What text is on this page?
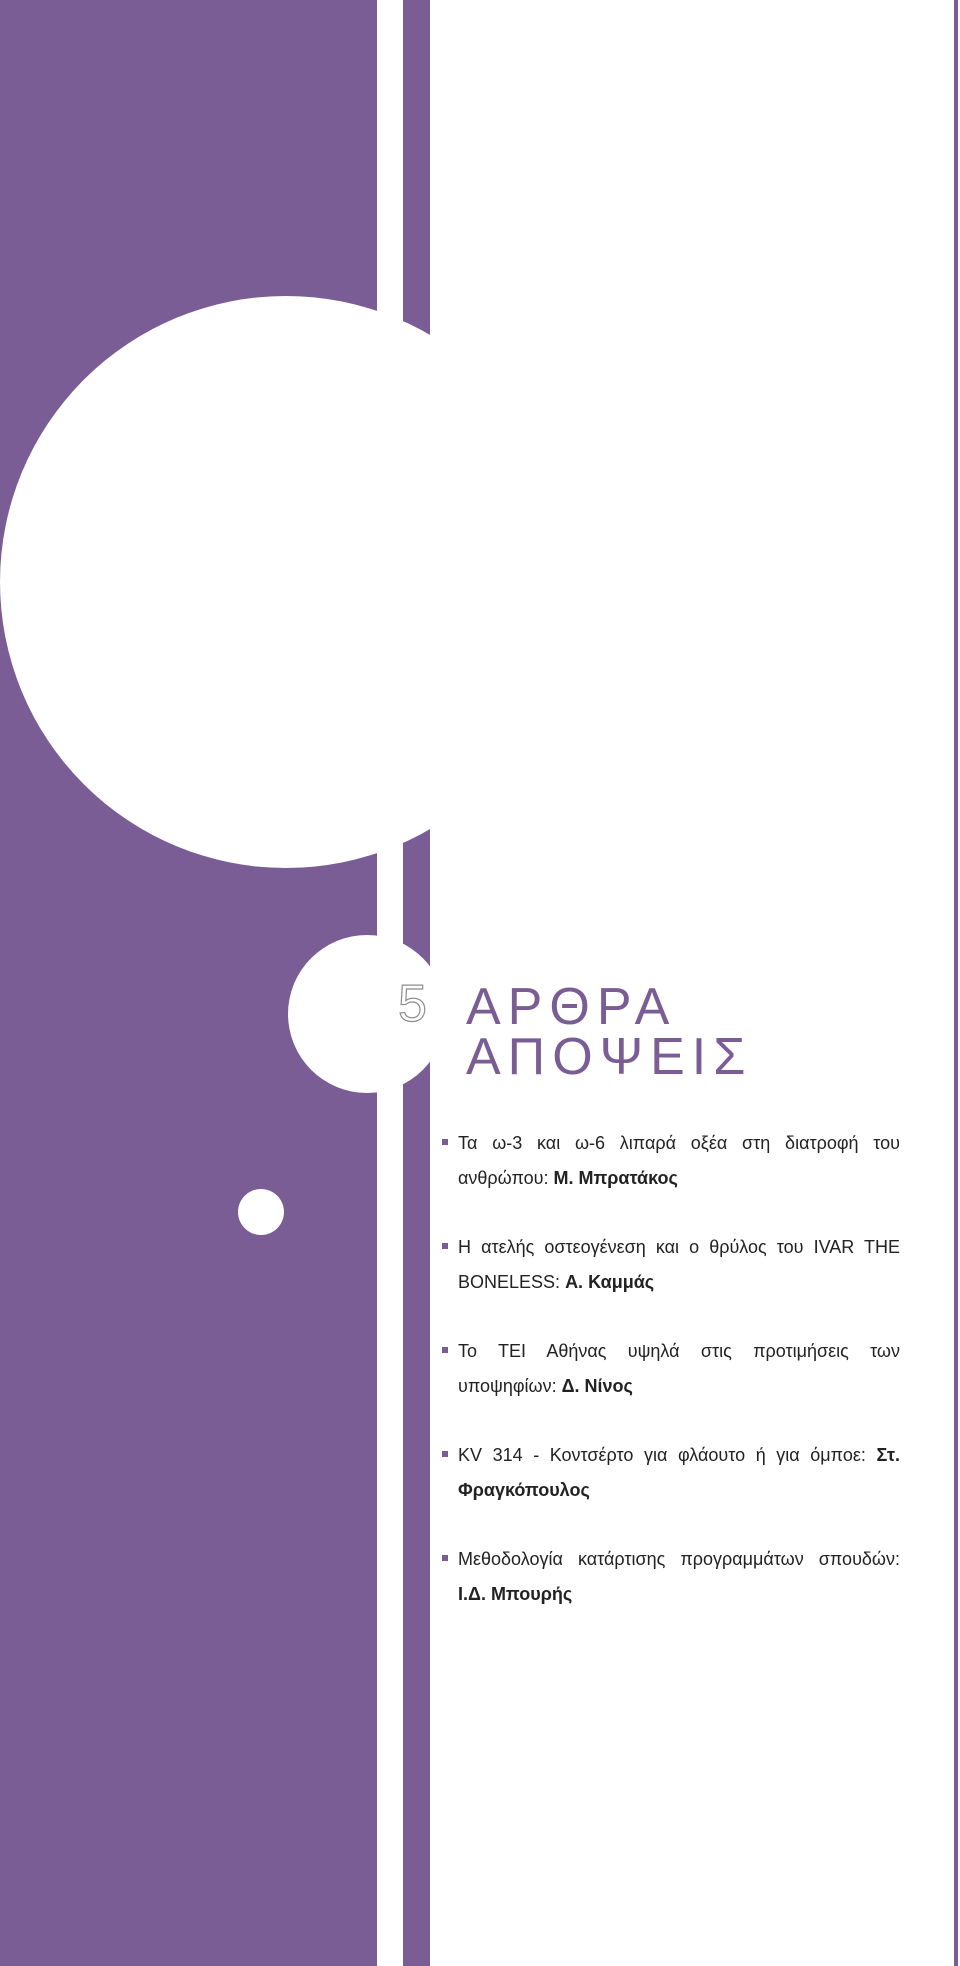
5 ΑΡΘΡΑ
ΑΠΟΨΕΙΣ
Τα ω-3 και ω-6 λιπαρά οξέα στη διατροφή του ανθρώπου: Μ. Μπρατάκος
Η ατελής οστεογένεση και ο θρύλος του IVAR THE BONELESS: Α. Καμμάς
Το ΤΕΙ Αθήνας υψηλά στις προτιμήσεις των υποψηφίων: Δ. Νίνος
KV 314 - Κοντσέρτο για φλάουτο ή για όμποε: Στ. Φραγκόπουλος
Μεθοδολογία κατάρτισης προγραμμάτων σπουδών: Ι.Δ. Μπουρής
